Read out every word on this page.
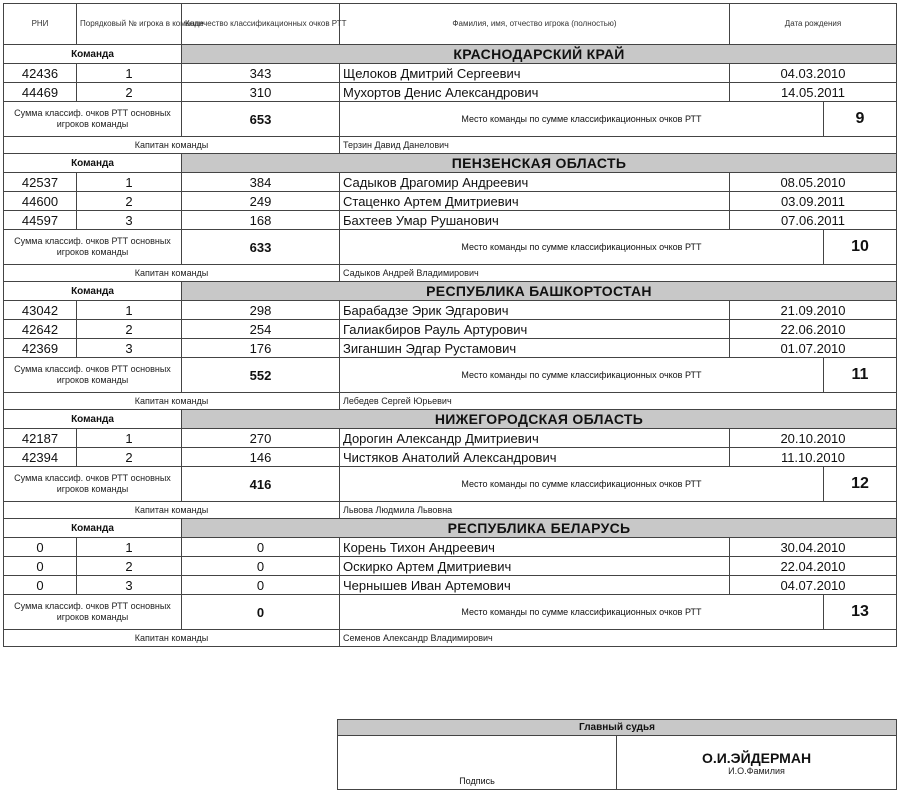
РНИ	Порядковый № игрока в команде	Количество классификационных очков РТТ	Фамилия, имя, отчество игрока (полностью)	Дата рождения	
Команда		КРАСНОДАРСКИЙ КРАЙ			
42436	1	343	Щелоков Дмитрий Сергеевич	04.03.2010	
44469	2	310	Мухортов Денис Александрович	14.05.2011	
Сумма классиф. очков РТТ основных игроков команды		653	Место команды по сумме классификационных очков РТТ		9
Капитан команды			Терзин Давид Данелович		
Команда		ПЕНЗЕНСКАЯ ОБЛАСТЬ			
42537	1	384	Садыков Драгомир Андреевич	08.05.2010	
44600	2	249	Стаценко Артем Дмитриевич	03.09.2011	
44597	3	168	Бахтеев Умар Рушанович	07.06.2011	
Сумма классиф. очков РТТ основных игроков команды		633	Место команды по сумме классификационных очков РТТ		10
Капитан команды			Садыков Андрей Владимирович		
Команда		РЕСПУБЛИКА БАШКОРТОСТАН			
43042	1	298	Барабадзе Эрик Эдгарович	21.09.2010	
42642	2	254	Галиакбиров Рауль Артурович	22.06.2010	
42369	3	176	Зиганшин Эдгар Рустамович	01.07.2010	
Сумма классиф. очков РТТ основных игроков команды		552	Место команды по сумме классификационных очков РТТ		11
Капитан команды			Лебедев Сергей Юрьевич		
Команда		НИЖЕГОРОДСКАЯ ОБЛАСТЬ			
42187	1	270	Дорогин Александр Дмитриевич	20.10.2010	
42394	2	146	Чистяков Анатолий Александрович	11.10.2010	
Сумма классиф. очков РТТ основных игроков команды		416	Место команды по сумме классификационных очков РТТ		12
Капитан команды			Львова Людмила Львовна		
Команда		РЕСПУБЛИКА БЕЛАРУСЬ			
0	1	0	Корень Тихон Андреевич	30.04.2010	
0	2	0	Оскирко Артем Дмитриевич	22.04.2010	
0	3	0	Чернышев Иван Артемович	04.07.2010	
Сумма классиф. очков РТТ основных игроков команды		0	Место команды по сумме классификационных очков РТТ		13
Капитан команды			Семенов Александр Владимирович		
Главный судья
Подпись	
О.И.ЭЙДЕРМАН
И.О.Фамилия
